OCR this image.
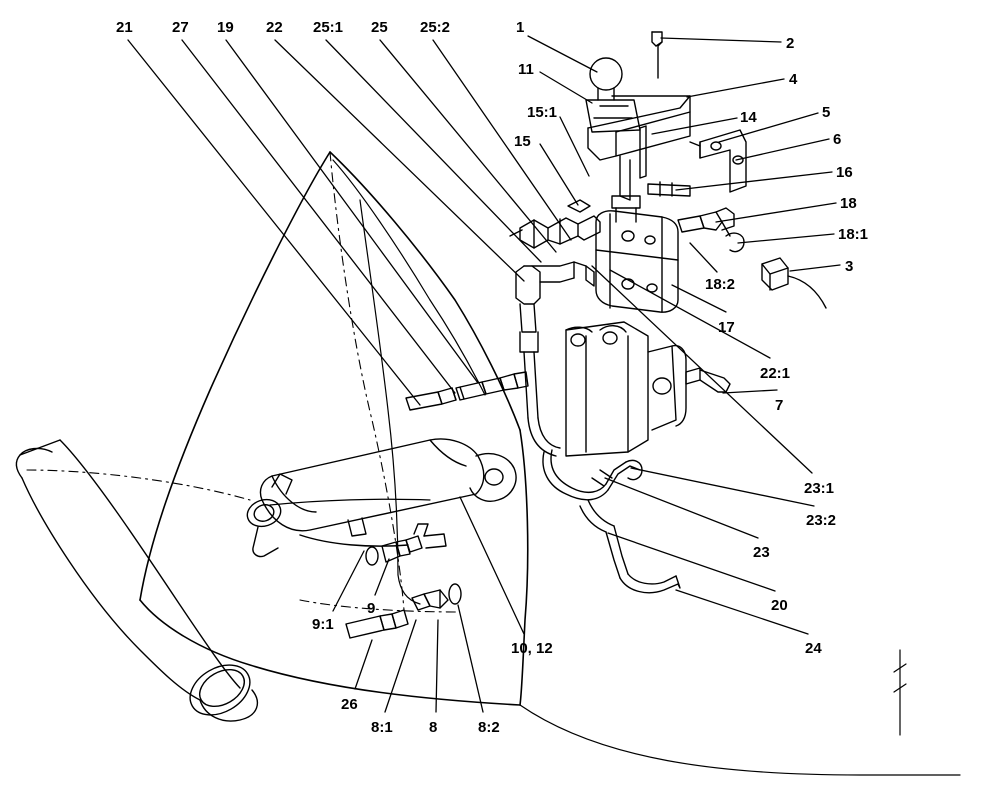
21	27 19 22 25:1 25 25:2	1
2
11
4
15:1	14	5
15	6
16
18
18:1
3
18:2
17
22:1
7
23:1
23:2
23
20
24
10, 12
9:1
9
26
8:1 8	8:2
